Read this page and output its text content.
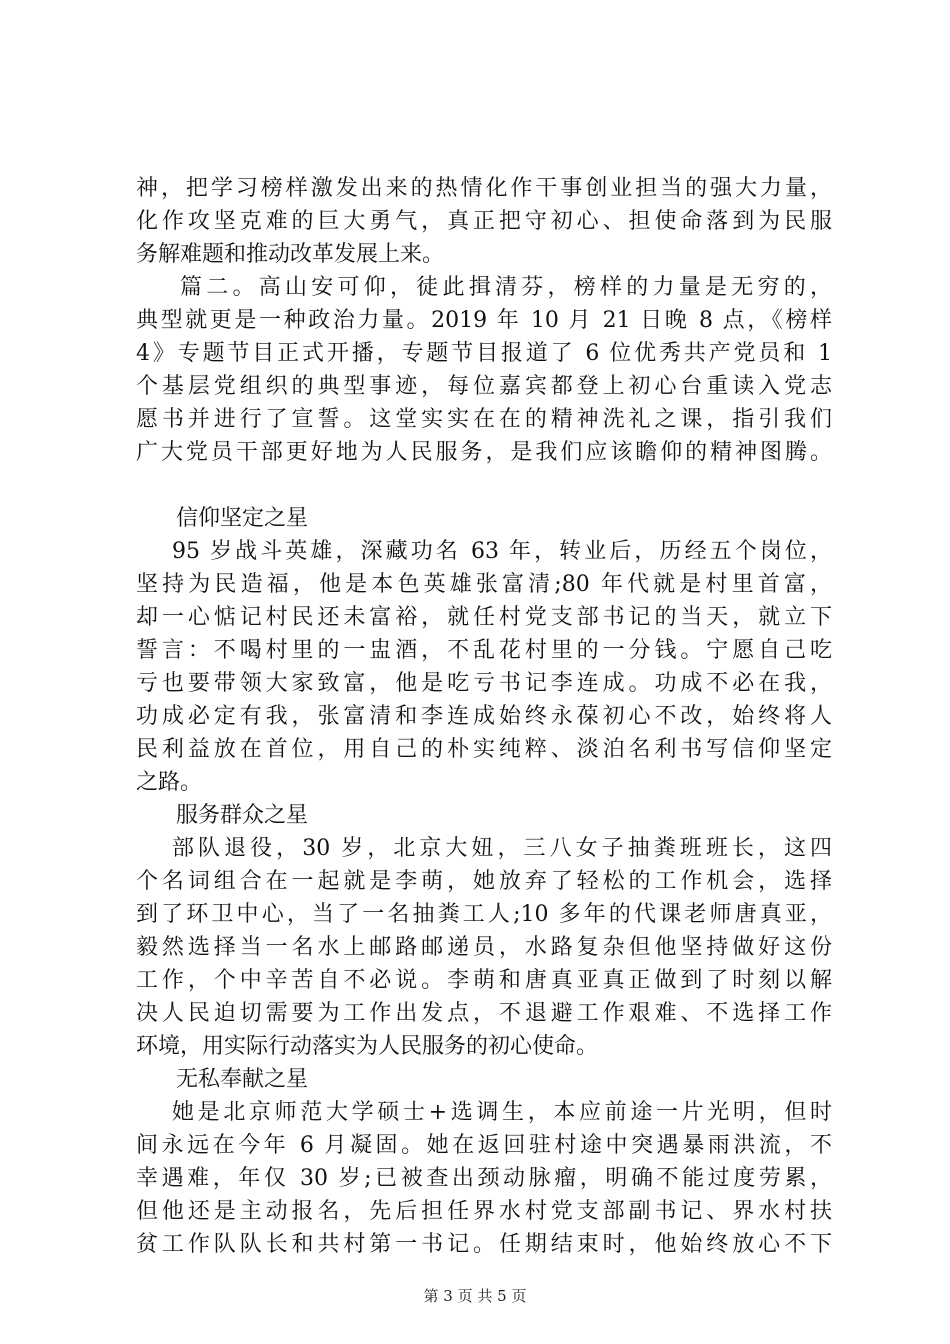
神，把学习榜样激发出来的热情化作干事创业担当的强大力量，
化作攻坚克难的巨大勇气，真正把守初心、担使命落到为民服
务解难题和推动改革发展上来。
篇二。高山安可仰，徒此揖清芬，榜样的力量是无穷的，
典型就更是一种政治力量。2019 年 10 月 21 日晚 8 点，《榜样
4》专题节目正式开播，专题节目报道了 6 位优秀共产党员和 1
个基层党组织的典型事迹，每位嘉宾都登上初心台重读入党志
愿书并进行了宣誓。这堂实实在在的精神洗礼之课，指引我们
广大党员干部更好地为人民服务，是我们应该瞻仰的精神图腾。
信仰坚定之星
95 岁战斗英雄，深藏功名 63 年，转业后，历经五个岗位，
坚持为民造福，他是本色英雄张富清;80 年代就是村里首富，
却一心惦记村民还未富裕，就任村党支部书记的当天，就立下
誓言：不喝村里的一盅酒，不乱花村里的一分钱。宁愿自己吃
亏也要带领大家致富，他是吃亏书记李连成。功成不必在我，
功成必定有我，张富清和李连成始终永葆初心不改，始终将人
民利益放在首位，用自己的朴实纯粹、淡泊名利书写信仰坚定
之路。
服务群众之星
部队退役，30 岁，北京大妞，三八女子抽粪班班长，这四
个名词组合在一起就是李萌，她放弃了轻松的工作机会，选择
到了环卫中心，当了一名抽粪工人;10 多年的代课老师唐真亚，
毅然选择当一名水上邮路邮递员，水路复杂但他坚持做好这份
工作，个中辛苦自不必说。李萌和唐真亚真正做到了时刻以解
决人民迫切需要为工作出发点，不退避工作艰难、不选择工作
环境，用实际行动落实为人民服务的初心使命。
无私奉献之星
她是北京师范大学硕士+选调生，本应前途一片光明，但时
间永远在今年 6 月凝固。她在返回驻村途中突遇暴雨洪流，不
幸遇难，年仅 30 岁;已被查出颈动脉瘤，明确不能过度劳累，
但他还是主动报名，先后担任界水村党支部副书记、界水村扶
贫工作队队长和共村第一书记。任期结束时，他始终放心不下
第 3 页 共 5 页
